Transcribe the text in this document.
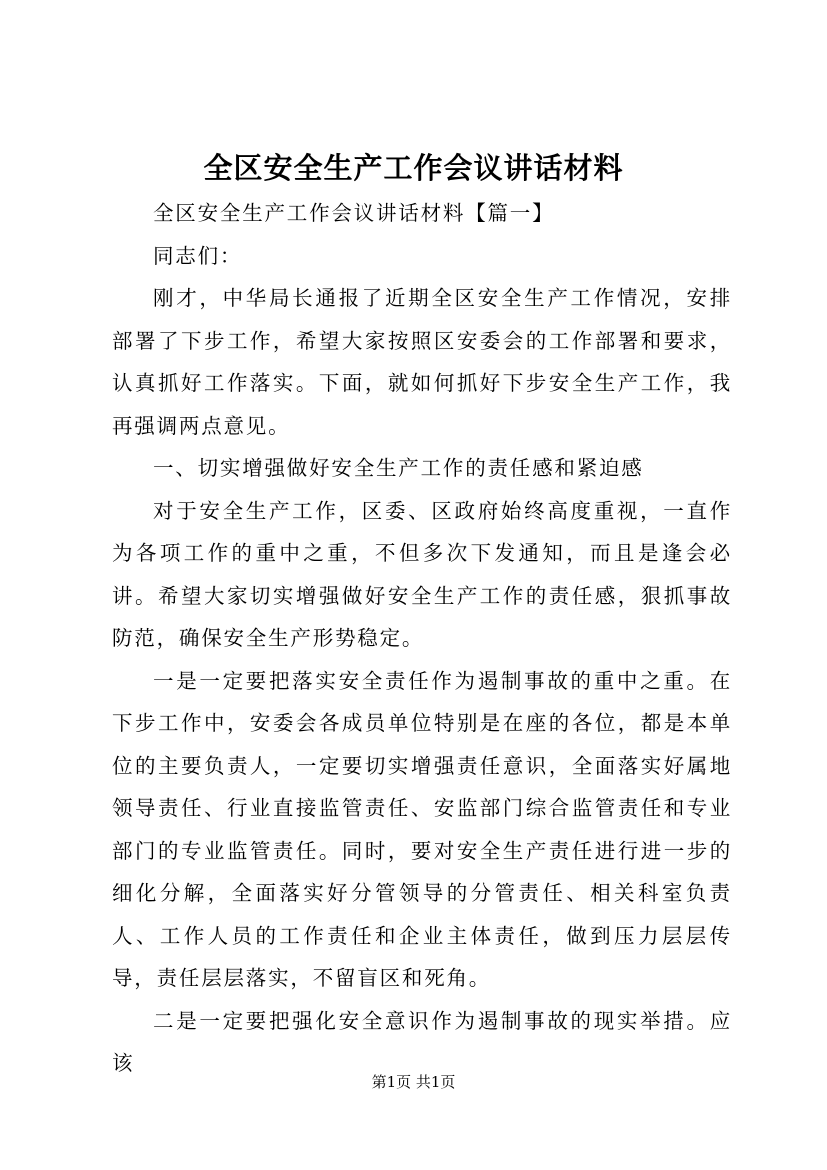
全区安全生产工作会议讲话材料

全区安全生产工作会议讲话材料【篇一】

同志们：

刚才，中华局长通报了近期全区安全生产工作情况，安排部署了下步工作，希望大家按照区安委会的工作部署和要求，认真抓好工作落实。下面，就如何抓好下步安全生产工作，我再强调两点意见。

一、切实增强做好安全生产工作的责任感和紧迫感

对于安全生产工作，区委、区政府始终高度重视，一直作为各项工作的重中之重，不但多次下发通知，而且是逢会必讲。希望大家切实增强做好安全生产工作的责任感，狠抓事故防范，确保安全生产形势稳定。

一是一定要把落实安全责任作为遏制事故的重中之重。在下步工作中，安委会各成员单位特别是在座的各位，都是本单位的主要负责人，一定要切实增强责任意识，全面落实好属地领导责任、行业直接监管责任、安监部门综合监管责任和专业部门的专业监管责任。同时，要对安全生产责任进行进一步的细化分解，全面落实好分管领导的分管责任、相关科室负责人、工作人员的工作责任和企业主体责任，做到压力层层传导，责任层层落实，不留盲区和死角。

二是一定要把强化安全意识作为遏制事故的现实举措。应该

第1页 共1页
